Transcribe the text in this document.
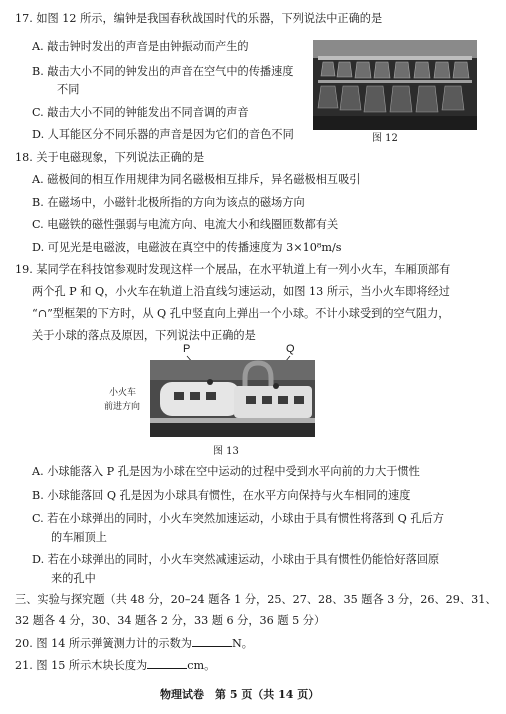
17. 如图 12 所示，编钟是我国春秋战国时代的乐器，下列说法中正确的是
A. 敲击钟时发出的声音是由钟振动而产生的
B. 敲击大小不同的钟发出的声音在空气中的传播速度
不同
C. 敲击大小不同的钟能发出不同音调的声音
D. 人耳能区分不同乐器的声音是因为它们的音色不同	图 12
18. 关于电磁现象，下列说法正确的是
A. 磁极间的相互作用规律为同名磁极相互排斥，异名磁极相互吸引
B. 在磁场中，小磁针北极所指的方向为该点的磁场方向
C. 电磁铁的磁性强弱与电流方向、电流大小和线圈匝数都有关
D. 可见光是电磁波，电磁波在真空中的传播速度为 3×10⁸m/s
19. 某同学在科技馆参观时发现这样一个展品，在水平轨道上有一列小火车，车厢顶部有
两个孔 P 和 Q，小火车在轨道上沿直线匀速运动，如图 13 所示，当小火车即将经过
“∩”型框架的下方时，从 Q 孔中竖直向上弹出一个小球。不计小球受到的空气阻力，
关于小球的落点及原因，下列说法中正确的是
P	Q
小火车
前进方向
图 13
A. 小球能落入 P 孔是因为小球在空中运动的过程中受到水平向前的力大于惯性
B. 小球能落回 Q 孔是因为小球具有惯性，在水平方向保持与火车相同的速度
C. 若在小球弹出的同时，小火车突然加速运动，小球由于具有惯性将落到 Q 孔后方
的车厢顶上
D. 若在小球弹出的同时，小火车突然减速运动，小球由于具有惯性仍能恰好落回原
来的孔中
三、实验与探究题（共 48 分，20–24 题各 1 分，25、27、28、35 题各 3 分，26、29、31、
32 题各 4 分，30、34 题各 2 分，33 题 6 分，36 题 5 分）
20. 图 14 所示弹簧测力计的示数为	N。
21. 图 15 所示木块长度为	cm。
物理试卷　第 5 页（共 14 页）
